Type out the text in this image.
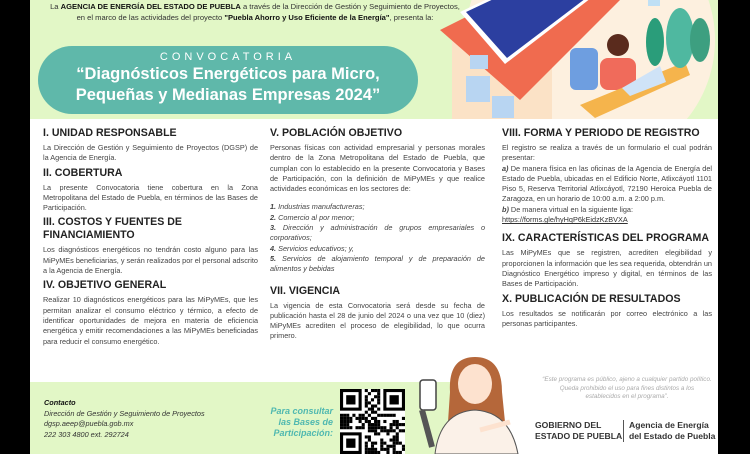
La AGENCIA DE ENERGÍA DEL ESTADO DE PUEBLA a través de la Dirección de Gestión y Seguimiento de Proyectos, en el marco de las actividades del proyecto "Puebla Ahorro y Uso Eficiente de la Energía", presenta la:
CONVOCATORIA
“Diagnósticos Energéticos para Micro,
Pequeñas y Medianas Empresas 2024”
I. UNIDAD RESPONSABLE

La Dirección de Gestión y Seguimiento de Proyectos (DGSP) de la Agencia de Energía.

II. COBERTURA

La presente Convocatoria tiene cobertura en la Zona Metropolitana del Estado de Puebla, en términos de las Bases de Participación.

III. COSTOS Y FUENTES DE FINANCIAMIENTO

Los diagnósticos energéticos no tendrán costo alguno para las MiPyMEs beneficiarias, y serán realizados por el personal adscrito a la Agencia de Energía.

IV. OBJETIVO GENERAL

Realizar 10 diagnósticos energéticos para las MiPyMEs, que les permitan analizar el consumo eléctrico y térmico, a efecto de identificar oportunidades de mejora en materia de eficiencia energética y emitir recomendaciones a las MiPyMEs beneficiadas para reducir el consumo energético.

V. POBLACIÓN OBJETIVO

Personas físicas con actividad empresarial y personas morales dentro de la Zona Metropolitana del Estado de Puebla, que cumplan con lo establecido en la presente Convocatoria y Bases de Participación, con la definición de MiPyMEs y que realice actividades económicas en los sectores de:

1. Industrias manufactureras;
2. Comercio al por menor;
3. Dirección y administración de grupos empresariales o corporativos;
4. Servicios educativos; y,
5. Servicios de alojamiento temporal y de preparación de alimentos y bebidas
VII. VIGENCIA

La vigencia de esta Convocatoria será desde su fecha de publicación hasta el 28 de junio del 2024 o una vez que 10 (diez) MiPyMEs acrediten el proceso de elegibilidad, lo que ocurra primero.

VIII. FORMA Y PERIODO DE REGISTRO

El registro se realiza a través de un formulario el cual podrán presentar:
a) De manera física en las oficinas de la Agencia de Energía del Estado de Puebla, ubicadas en el Edificio Norte, Atlixcáyotl 1101 Piso 5, Reserva Territorial Atlixcáyotl, 72190 Heroica Puebla de Zaragoza, en un horario de 10:00 a.m. a 2:00 p.m.
b) De manera virtual en la siguiente liga:

https://forms.gle/hyHqP6kEidzKzBVXA
IX. CARACTERÍSTICAS DEL PROGRAMA

Las MiPyMEs que se registren, acrediten elegibilidad y proporcionen la información que les sea requerida, obtendrán un Diagnóstico Energético impreso y digital, en términos de las Bases de Participación.

X. PUBLICACIÓN DE RESULTADOS

Los resultados se notificarán por correo electrónico a las personas participantes.

Contacto
Dirección de Gestión y Seguimiento de Proyectos
dgsp.aeep@puebla.gob.mx
222 303 4800 ext. 292724
Para consultar
las Bases de
Participación:
“Este programa es público, ajeno a cualquier partido político. Queda prohibido el uso para fines distintos a los establecidos en el programa”.
GOBIERNO DEL
ESTADO DE PUEBLA
Agencia de Energía
del Estado de Puebla
